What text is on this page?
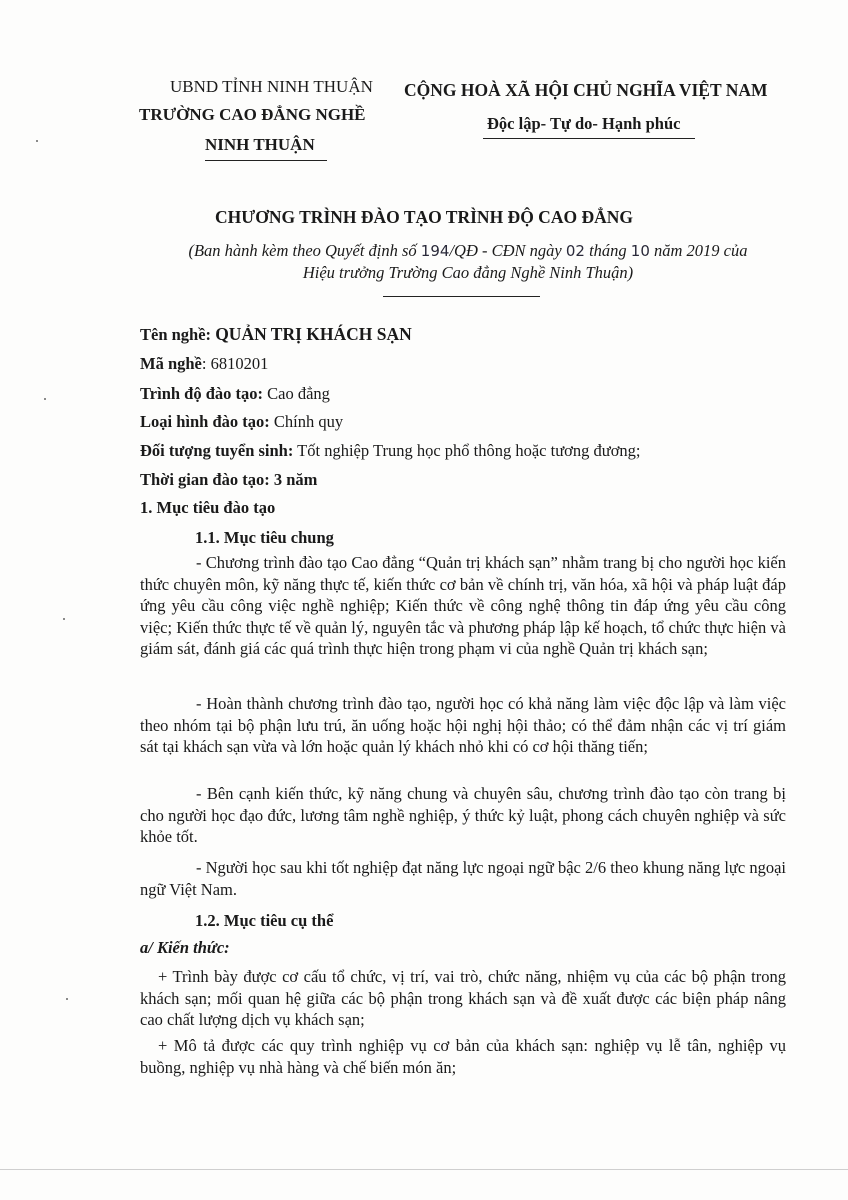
UBND TỈNH NINH THUẬN
TRƯỜNG CAO ĐẲNG NGHỀ
NINH THUẬN
CỘNG HOÀ XÃ HỘI CHỦ NGHĨA VIỆT NAM
Độc lập- Tự do- Hạnh phúc
CHƯƠNG TRÌNH ĐÀO TẠO TRÌNH ĐỘ CAO ĐẲNG
(Ban hành kèm theo Quyết định số 194/QĐ - CĐN ngày 02 tháng 10 năm 2019 của
Hiệu trưởng Trường Cao đẳng Nghề Ninh Thuận)
Tên nghề: QUẢN TRỊ KHÁCH SẠN
Mã nghề: 6810201
Trình độ đào tạo: Cao đẳng
Loại hình đào tạo: Chính quy
Đối tượng tuyển sinh: Tốt nghiệp Trung học phổ thông hoặc tương đương;
Thời gian đào tạo: 3 năm
1. Mục tiêu đào tạo
1.1. Mục tiêu chung
- Chương trình đào tạo Cao đẳng “Quản trị khách sạn” nhằm trang bị cho người học kiến thức chuyên môn, kỹ năng thực tế, kiến thức cơ bản về chính trị, văn hóa, xã hội và pháp luật đáp ứng yêu cầu công việc nghề nghiệp; Kiến thức về công nghệ thông tin đáp ứng yêu cầu công việc; Kiến thức thực tế về quản lý, nguyên tắc và phương pháp lập kế hoạch, tổ chức thực hiện và giám sát, đánh giá các quá trình thực hiện trong phạm vi của nghề Quản trị khách sạn;
- Hoàn thành chương trình đào tạo, người học có khả năng làm việc độc lập và làm việc theo nhóm tại bộ phận lưu trú, ăn uống hoặc hội nghị hội thảo; có thể đảm nhận các vị trí giám sát tại khách sạn vừa và lớn hoặc quản lý khách nhỏ khi có cơ hội thăng tiến;
- Bên cạnh kiến thức, kỹ năng chung và chuyên sâu, chương trình đào tạo còn trang bị cho người học đạo đức, lương tâm nghề nghiệp, ý thức kỷ luật, phong cách chuyên nghiệp và sức khỏe tốt.
- Người học sau khi tốt nghiệp đạt năng lực ngoại ngữ bậc 2/6 theo khung năng lực ngoại ngữ Việt Nam.
1.2. Mục tiêu cụ thể
a/ Kiến thức:
+ Trình bày được cơ cấu tổ chức, vị trí, vai trò, chức năng, nhiệm vụ của các bộ phận trong khách sạn; mối quan hệ giữa các bộ phận trong khách sạn và đề xuất được các biện pháp nâng cao chất lượng dịch vụ khách sạn;
+ Mô tả được các quy trình nghiệp vụ cơ bản của khách sạn: nghiệp vụ lễ tân, nghiệp vụ buồng, nghiệp vụ nhà hàng và chế biến món ăn;
